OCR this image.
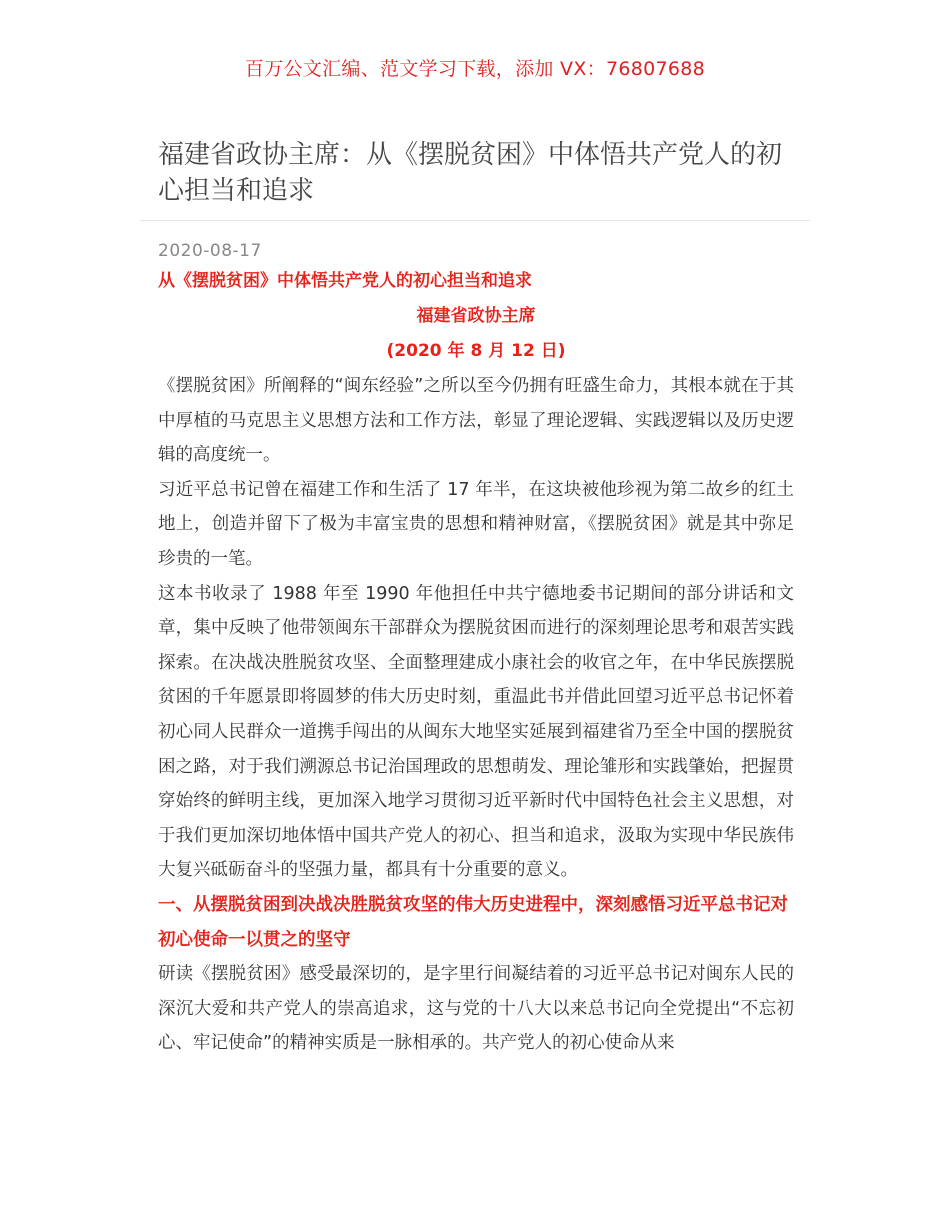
百万公文汇编、范文学习下载，添加 VX：76807688
福建省政协主席：从《摆脱贫困》中体悟共产党人的初心担当和追求
2020-08-17

从《摆脱贫困》中体悟共产党人的初心担当和追求

福建省政协主席

(2020 年 8 月 12 日)

《摆脱贫困》所阐释的“闽东经验”之所以至今仍拥有旺盛生命力，其根本就在于其中厚植的马克思主义思想方法和工作方法，彰显了理论逻辑、实践逻辑以及历史逻辑的高度统一。

习近平总书记曾在福建工作和生活了 17 年半，在这块被他珍视为第二故乡的红土地上，创造并留下了极为丰富宝贵的思想和精神财富，《摆脱贫困》就是其中弥足珍贵的一笔。

这本书收录了 1988 年至 1990 年他担任中共宁德地委书记期间的部分讲话和文章，集中反映了他带领闽东干部群众为摆脱贫困而进行的深刻理论思考和艰苦实践探索。在决战决胜脱贫攻坚、全面整理建成小康社会的收官之年，在中华民族摆脱贫困的千年愿景即将圆梦的伟大历史时刻，重温此书并借此回望习近平总书记怀着初心同人民群众一道携手闯出的从闽东大地坚实延展到福建省乃至全中国的摆脱贫困之路，对于我们溯源总书记治国理政的思想萌发、理论雏形和实践肇始，把握贯穿始终的鲜明主线，更加深入地学习贯彻习近平新时代中国特色社会主义思想，对于我们更加深切地体悟中国共产党人的初心、担当和追求，汲取为实现中华民族伟大复兴砥砺奋斗的坚强力量，都具有十分重要的意义。

一、从摆脱贫困到决战决胜脱贫攻坚的伟大历史进程中，深刻感悟习近平总书记对初心使命一以贯之的坚守

研读《摆脱贫困》感受最深切的，是字里行间凝结着的习近平总书记对闽东人民的深沉大爱和共产党人的崇高追求，这与党的十八大以来总书记向全党提出“不忘初心、牢记使命”的精神实质是一脉相承的。共产党人的初心使命从来
